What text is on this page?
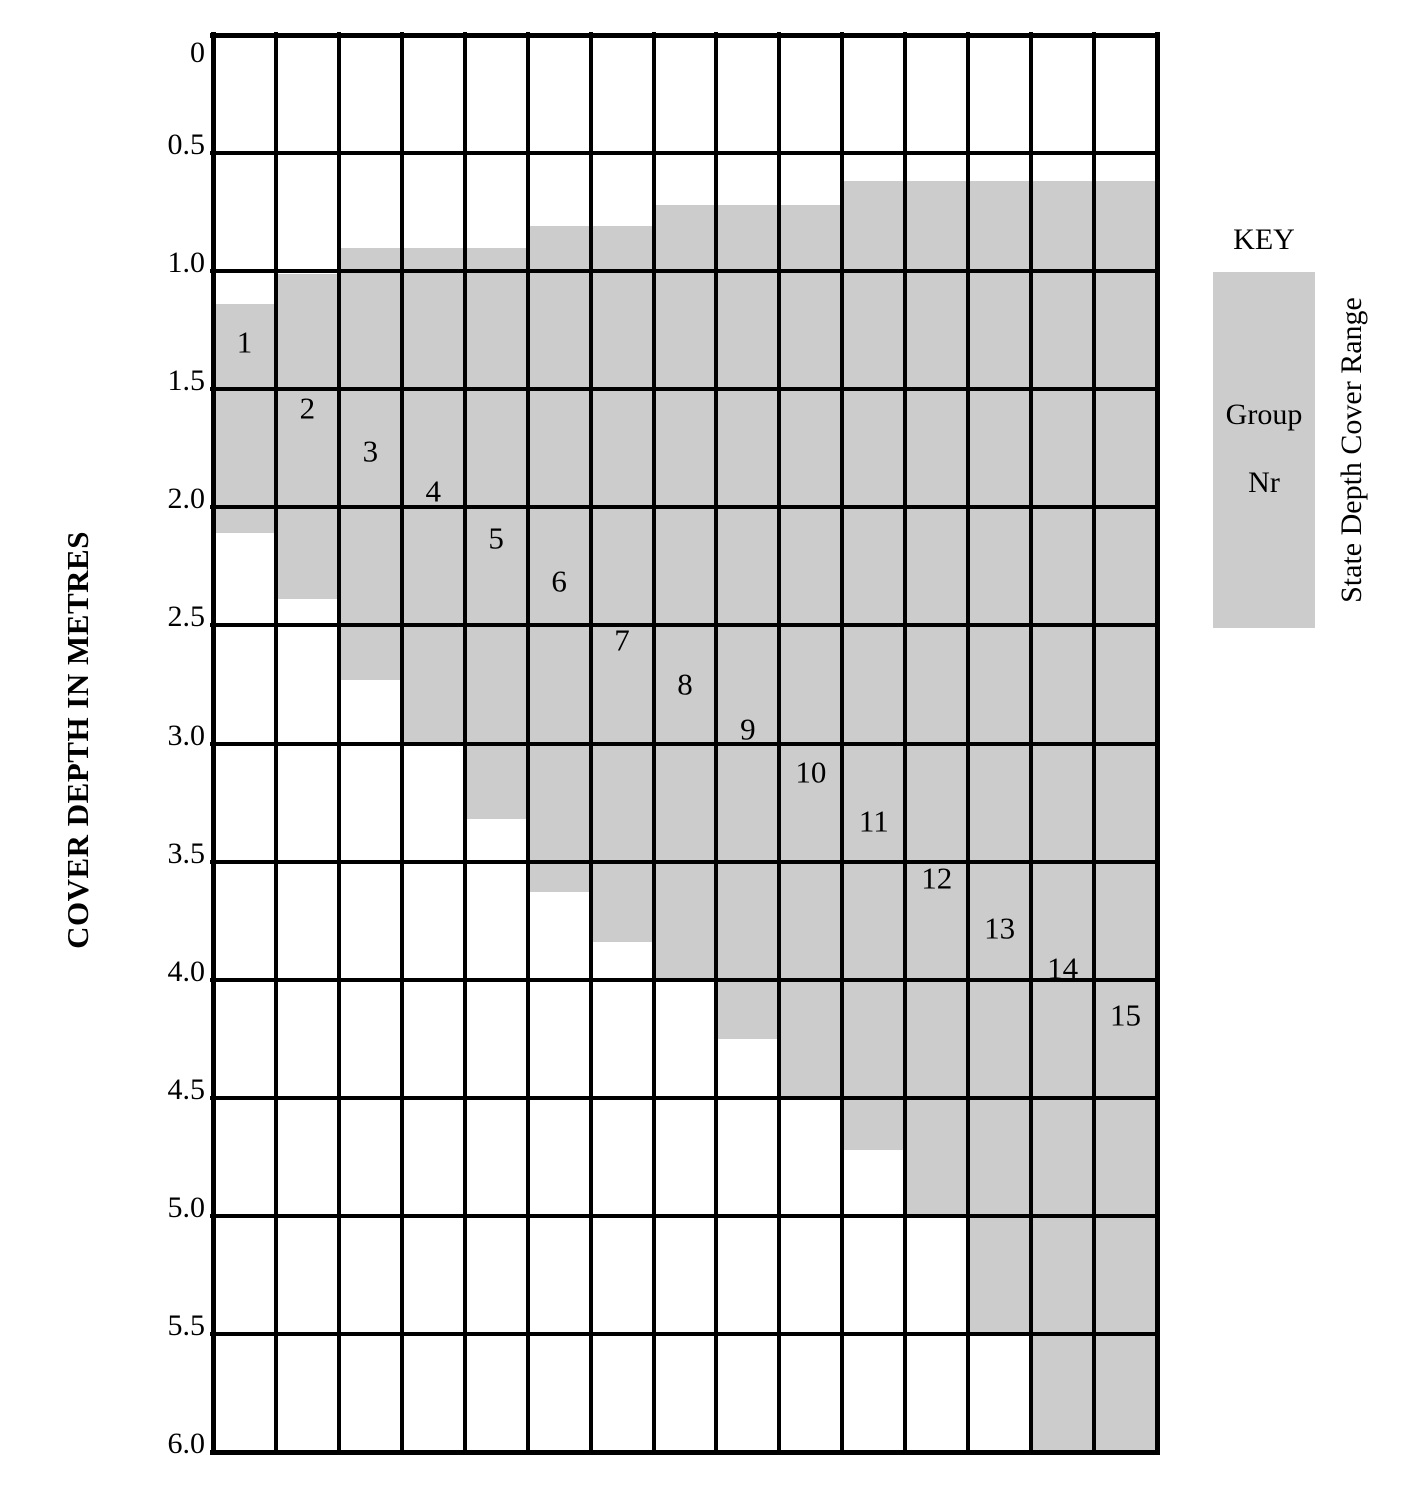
COVER DEPTH IN METRES
0
0.5
1.0
1.5
2.0
2.5
3.0
3.5
4.0
4.5
5.0
5.5
6.0
1
2
3
4
5
6
7
8
9
10
11
12
13
14
15
KEY
Group
Nr	State Depth Cover Range
